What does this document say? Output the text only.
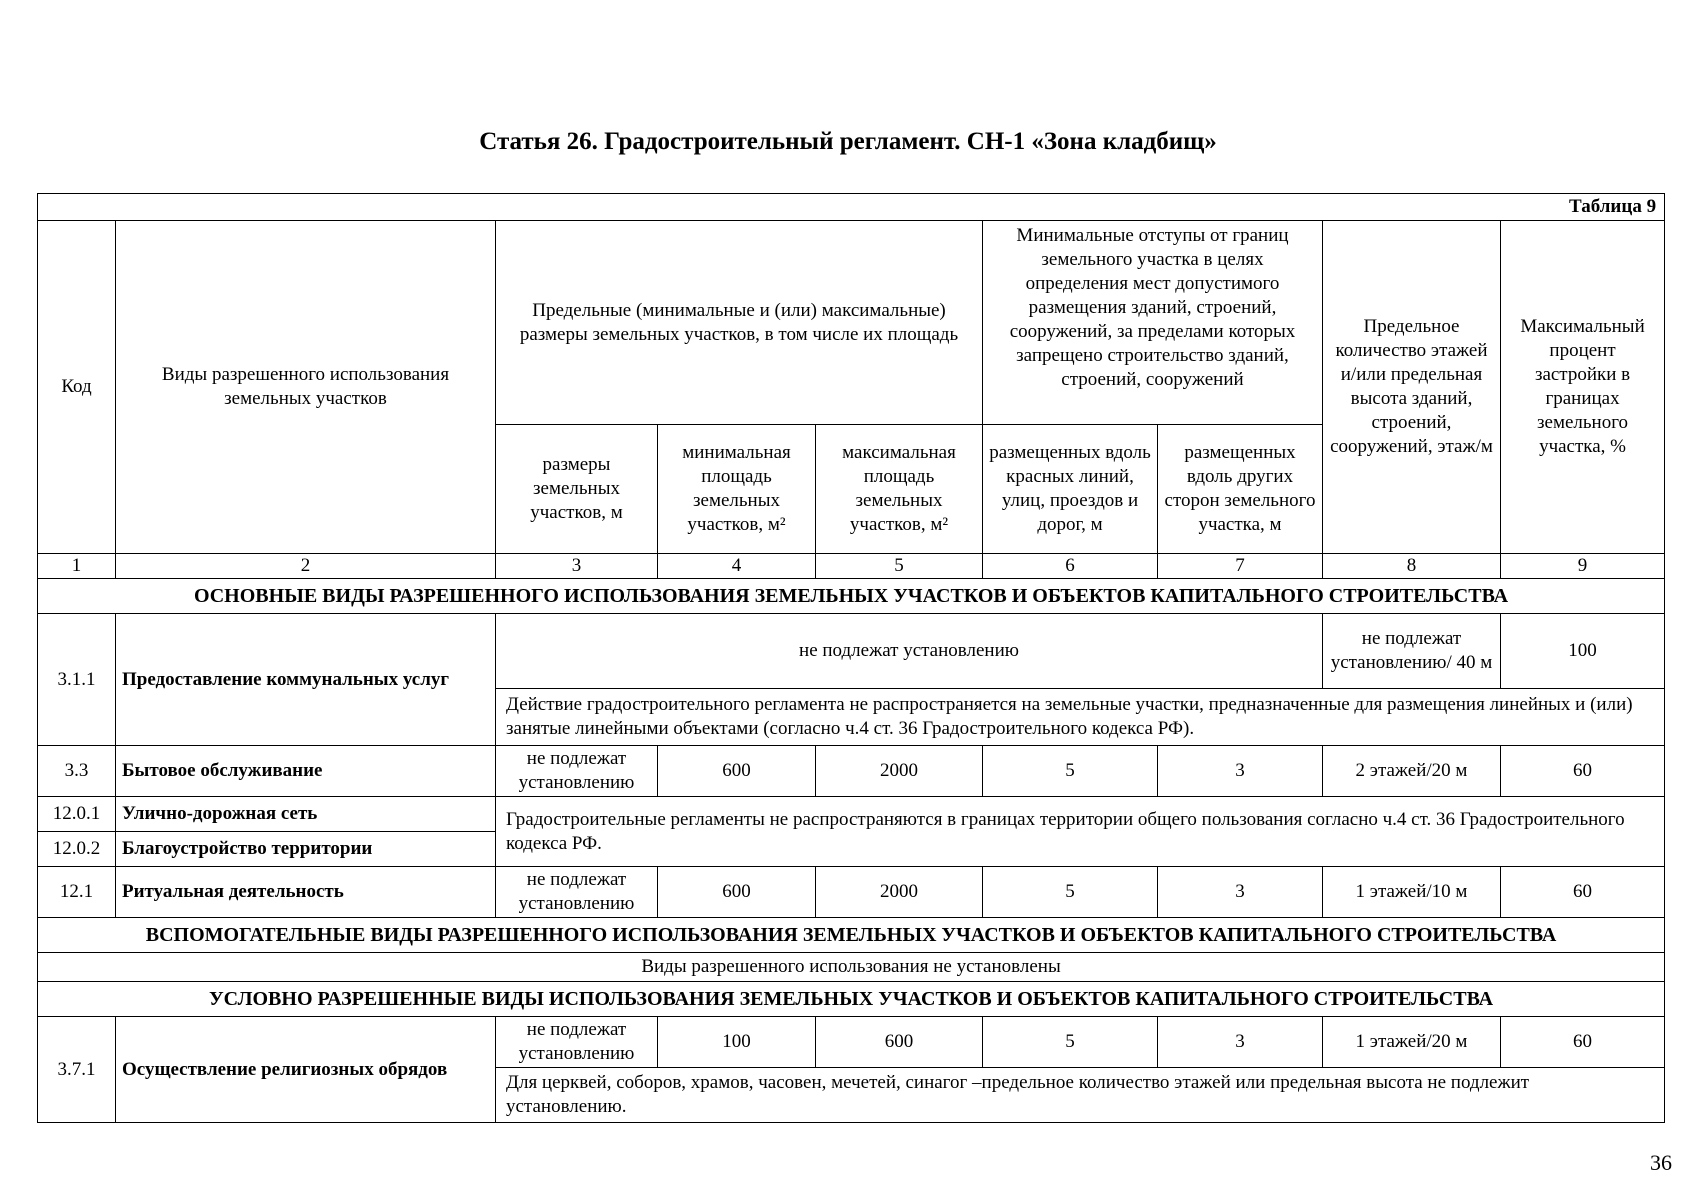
Статья 26. Градостроительный регламент. СН-1 «Зона кладбищ»
Таблица 9								
Код	Виды разрешенного использования земельных участков	Предельные (минимальные и (или) максимальные) размеры земельных участков, в том числе их площадь			Минимальные отступы от границ земельного участка в целях определения мест допустимого размещения зданий, строений, сооружений, за пределами которых запрещено строительство зданий, строений, сооружений		Предельное количество этажей и/или предельная высота зданий, строений, сооружений, этаж/м	Максимальный процент застройки в границах земельного участка, %
		размеры земельных участков, м	минимальная площадь земельных участков, м²	максимальная площадь земельных участков, м²	размещенных вдоль красных линий, улиц, проездов и дорог, м	размещенных вдоль других сторон земельного участка, м		
1	2	3	4	5	6	7	8	9
ОСНОВНЫЕ ВИДЫ РАЗРЕШЕННОГО ИСПОЛЬЗОВАНИЯ ЗЕМЕЛЬНЫХ УЧАСТКОВ И ОБЪЕКТОВ КАПИТАЛЬНОГО СТРОИТЕЛЬСТВА								
3.1.1	Предоставление коммунальных услуг	не подлежат установлению					не подлежат установлению/ 40 м	100
		Действие градостроительного регламента не распространяется на земельные участки, предназначенные для размещения линейных и (или) занятые линейными объектами (согласно ч.4 ст. 36 Градостроительного кодекса РФ).						
3.3	Бытовое обслуживание	не подлежат установлению	600	2000	5	3	2 этажей/20 м	60
12.0.1	Улично-дорожная сеть	Градостроительные регламенты не распространяются в границах территории общего пользования согласно ч.4 ст. 36 Градостроительного кодекса РФ.						
12.0.2	Благоустройство территории							
12.1	Ритуальная деятельность	не подлежат установлению	600	2000	5	3	1 этажей/10 м	60
ВСПОМОГАТЕЛЬНЫЕ ВИДЫ РАЗРЕШЕННОГО ИСПОЛЬЗОВАНИЯ ЗЕМЕЛЬНЫХ УЧАСТКОВ И ОБЪЕКТОВ КАПИТАЛЬНОГО СТРОИТЕЛЬСТВА								
Виды разрешенного использования не установлены								
УСЛОВНО РАЗРЕШЕННЫЕ ВИДЫ ИСПОЛЬЗОВАНИЯ ЗЕМЕЛЬНЫХ УЧАСТКОВ И ОБЪЕКТОВ КАПИТАЛЬНОГО СТРОИТЕЛЬСТВА								
3.7.1	Осуществление религиозных обрядов	не подлежат установлению	100	600	5	3	1 этажей/20 м	60
		Для церквей, соборов, храмов, часовен, мечетей, синагог –предельное количество этажей или предельная высота не подлежит установлению.						
36
